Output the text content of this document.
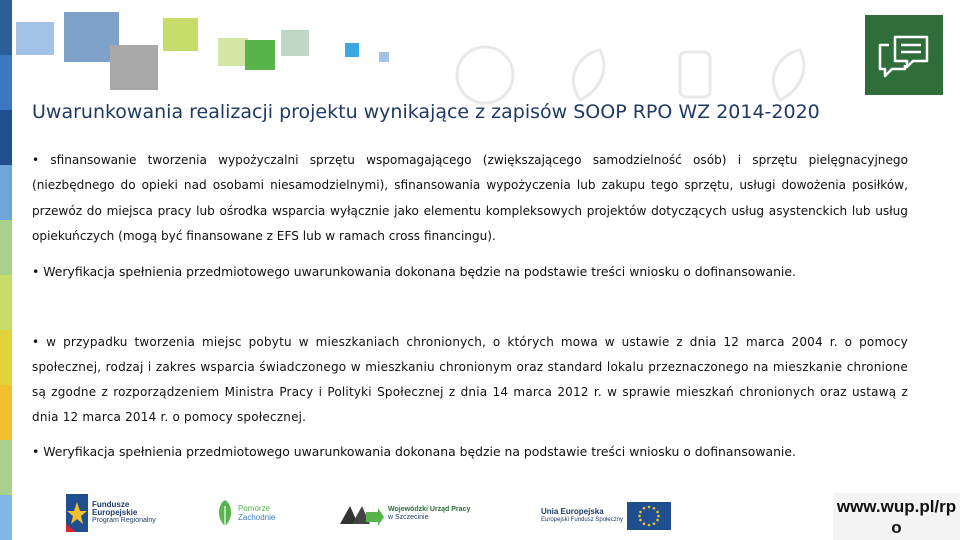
Uwarunkowania realizacji projektu wynikające z zapisów SOOP RPO WZ 2014-2020

• sfinansowanie tworzenia wypożyczalni sprzętu wspomagającego (zwiększającego samodzielność osób) i sprzętu pielęgnacyjnego (niezbędnego do opieki nad osobami niesamodzielnymi), sfinansowania wypożyczenia lub zakupu tego sprzętu, usługi dowożenia posiłków, przewóz do miejsca pracy lub ośrodka wsparcia wyłącznie jako elementu kompleksowych projektów dotyczących usług asystenckich lub usług opiekuńczych (mogą być finansowane z EFS lub w ramach cross financingu).

• Weryfikacja spełnienia przedmiotowego uwarunkowania dokonana będzie na podstawie treści wniosku o dofinansowanie.

• w przypadku tworzenia miejsc pobytu w mieszkaniach chronionych, o których mowa w ustawie z dnia 12 marca 2004 r. o pomocy społecznej, rodzaj i zakres wsparcia świadczonego w mieszkaniu chronionym oraz standard lokalu przeznaczonego na mieszkanie chronione są zgodne z rozporządzeniem Ministra Pracy i Polityki Społecznej z dnia 14 marca 2012 r. w sprawie mieszkań chronionych oraz ustawą z dnia 12 marca 2014 r. o pomocy społecznej.

• Weryfikacja spełnienia przedmiotowego uwarunkowania dokonana będzie na podstawie treści wniosku o dofinansowanie.

Fundusze
Europejskie
Program Regionalny
Pomorze
Zachodnie
Wojewódzki Urząd Pracy
w Szczecinie
Unia Europejska
Europejski Fundusz Społeczny
www.wup.pl/rpo
